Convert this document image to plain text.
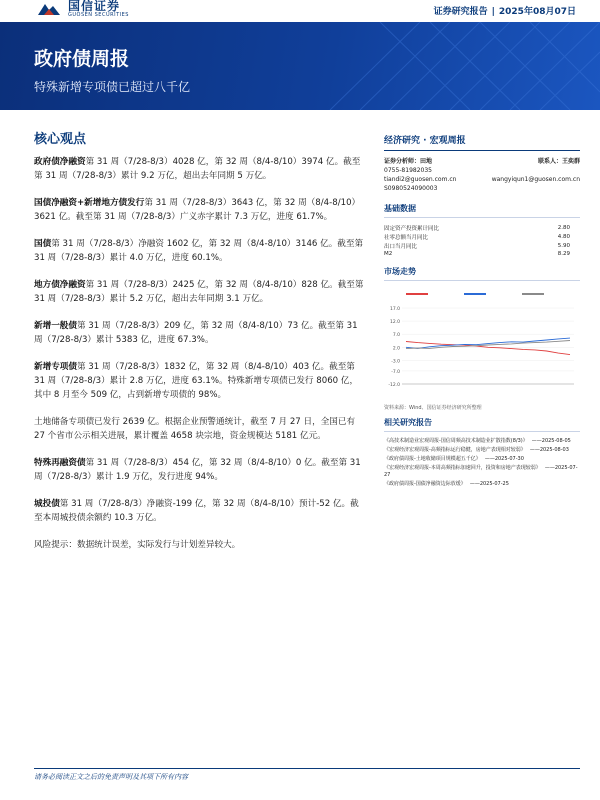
国信证券
GUOSEN SECURITIES	证券研究报告 | 2025年08月07日
政府债周报
特殊新增专项债已超过八千亿
核心观点

政府债净融资第 31 周（7/28-8/3）4028 亿，第 32 周（8/4-8/10）3974 亿。截至第 31 周（7/28-8/3）累计 9.2 万亿，超出去年同期 5 万亿。

国债净融资+新增地方债发行第 31 周（7/28-8/3）3643 亿，第 32 周（8/4-8/10）3621 亿。截至第 31 周（7/28-8/3）广义赤字累计 7.3 万亿，进度 61.7%。

国债第 31 周（7/28-8/3）净融资 1602 亿，第 32 周（8/4-8/10）3146 亿。截至第 31 周（7/28-8/3）累计 4.0 万亿，进度 60.1%。

地方债净融资第 31 周（7/28-8/3）2425 亿，第 32 周（8/4-8/10）828 亿。截至第 31 周（7/28-8/3）累计 5.2 万亿，超出去年同期 3.1 万亿。

新增一般债第 31 周（7/28-8/3）209 亿，第 32 周（8/4-8/10）73 亿。截至第 31 周（7/28-8/3）累计 5383 亿，进度 67.3%。

新增专项债第 31 周（7/28-8/3）1832 亿，第 32 周（8/4-8/10）403 亿。截至第 31 周（7/28-8/3）累计 2.8 万亿，进度 63.1%。特殊新增专项债已发行 8060 亿，其中 8 月至今 509 亿，占到新增专项债的 98%。

土地储备专项债已发行 2639 亿。根据企业预警通统计，截至 7 月 27 日，全国已有 27 个省市公示相关进展，累计覆盖 4658 块宗地，资金规模达 5181 亿元。

特殊再融资债第 31 周（7/28-8/3）454 亿，第 32 周（8/4-8/10）0 亿。截至第 31 周（7/28-8/3）累计 1.9 万亿，发行进度 94%。

城投债第 31 周（7/28-8/3）净融资-199 亿，第 32 周（8/4-8/10）预计-52 亿。截至本周城投债余额约 10.3 万亿。

风险提示：数据统计误差，实际发行与计划差异较大。

经济研究 · 宏观周报
证券分析师：田地	联系人：王奕群
0755-81982035
tiandi2@guosen.com.cn	wangyiqun1@guosen.com.cn
S0980524090003
基础数据
固定资产投资累计同比	2.80
社零总额当月同比	4.80
出口当月同比	5.90
M2	8.29
市场走势
17.0
12.0
7.0
2.0
-3.0
-7.0
-12.0
资料来源：Wind、国信证券经济研究所整理
相关研究报告
《高技术制造业宏观周报-国信周频高技术制造业扩散指数(8/3)》 ——2025-08-05
《宏观经济宏观周报-高频指标运行稳健，房地产表现相对较弱》 ——2025-08-03
《政府债周报-土地收储项目规模超五千亿》 ——2025-07-30
《宏观经济宏观周报-本周高频指标加速回升，投资和房地产表现较弱》 ——2025-07-27
《政府债周报-国债净融资边际放缓》 ——2025-07-25
请务必阅读正文之后的免责声明及其项下所有内容
